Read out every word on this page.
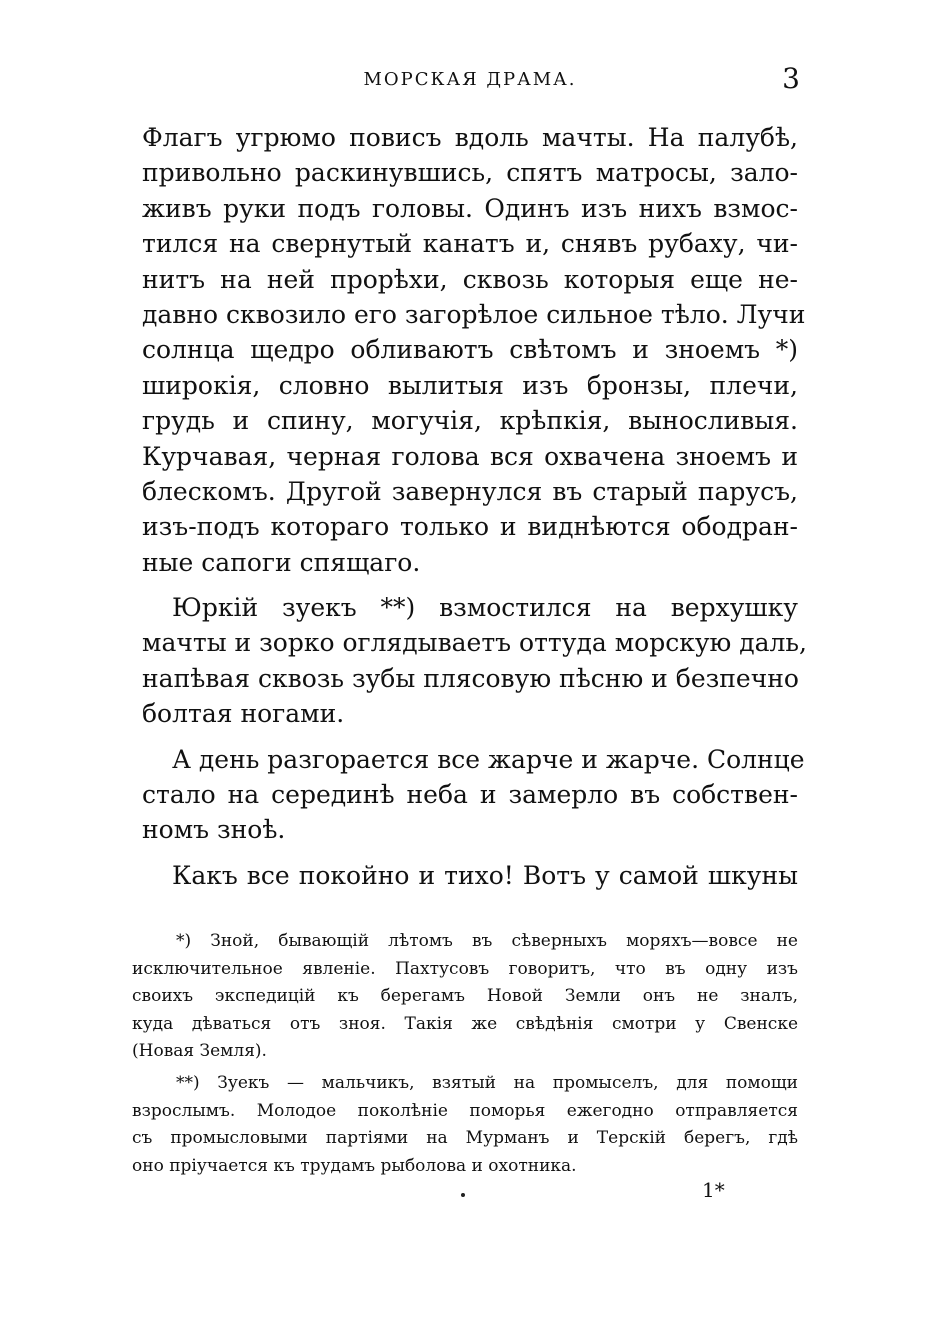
МОРСКАЯ ДРАМА.	3
Флагъ угрюмо повисъ вдоль мачты. На палубѣ,
привольно раскинувшись, спятъ матросы, зало-
живъ руки подъ головы. Одинъ изъ нихъ взмос-
тился на свернутый канатъ и, снявъ рубаху, чи-
нитъ на ней прорѣхи, сквозь которыя еще не-
давно сквозило его загорѣлое сильное тѣло. Лучи
солнца щедро обливаютъ свѣтомъ и зноемъ *)
широкія, словно вылитыя изъ бронзы, плечи,
грудь и спину, могучія, крѣпкія, выносливыя.
Курчавая, черная голова вся охвачена зноемъ и
блескомъ. Другой завернулся въ старый парусъ,
изъ-подъ котораго только и виднѣются ободран-
ные сапоги спящаго.
Юркій зуекъ **) взмостился на верхушку
мачты и зорко оглядываетъ оттуда морскую даль,
напѣвая сквозь зубы плясовую пѣсню и безпечно
болтая ногами.
А день разгорается все жарче и жарче. Солнце
стало на серединѣ неба и замерло въ собствен-
номъ знoѣ.
Какъ все покойно и тихо! Вотъ у самой шкуны
*) Зной, бывающій лѣтомъ въ сѣверныхъ моряхъ—вовсе не
исключительное явленіе. Пахтусовъ говоритъ, что въ одну изъ
своихъ экспедицій къ берегамъ Новой Земли онъ не зналъ,
куда дѣваться отъ зноя. Такія же свѣдѣнія смотри у Свенске
(Новая Земля).
**) Зуекъ — мальчикъ, взятый на промыселъ, для помощи
взрослымъ. Молодое поколѣніе поморья ежегодно отправляется
съ промысловыми партіями на Мурманъ и Терскій берегъ, гдѣ
оно пріучается къ трудамъ рыболова и охотника.
1*
